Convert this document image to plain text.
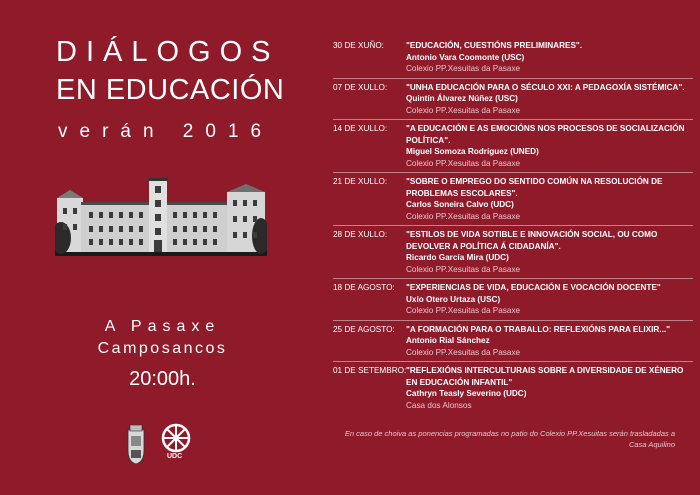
DIÁLOGOS
EN EDUCACIÓN
verán 2016
A Pasaxe
Camposancos
20:00h.
UDC
30 DE XUÑO:	"EDUCACIÓN, CUESTIÓNS PRELIMINARES".
Antonio Vara Coomonte (USC)
Colexio PP.Xesuitas da Pasaxe
07 DE XULLO:	"UNHA EDUCACIÓN PARA O SÉCULO XXI: A PEDAGOXÍA SISTÉMICA".
Quintín Álvarez Núñez (USC)
Colexio PP.Xesuitas da Pasaxe
14 DE XULLO:	"A EDUCACIÓN E AS EMOCIÓNS NOS PROCESOS DE SOCIALIZACIÓN POLÍTICA".
Miguel Somoza Rodríguez (UNED)
Colexio PP.Xesuitas da Pasaxe
21 DE XULLO:	"SOBRE O EMPREGO DO SENTIDO COMÚN NA RESOLUCIÓN DE PROBLEMAS ESCOLARES".
Carlos Soneira Calvo (UDC)
Colexio PP.Xesuitas da Pasaxe
28 DE XULLO:	"ESTILOS DE VIDA SOTIBLE E INNOVACIÓN SOCIAL, OU COMO DEVOLVER A POLÍTICA Á CIDADANÍA".
Ricardo García Mira (UDC)
Colexio PP.Xesuitas da Pasaxe
18 DE AGOSTO:	"EXPERIENCIAS DE VIDA, EDUCACIÓN E VOCACIÓN DOCENTE"
Uxío Otero Urtaza (USC)
Colexio PP.Xesuitas da Pasaxe
25 DE AGOSTO:	"A FORMACIÓN PARA O TRABALLO: REFLEXIÓNS PARA ELIXIR..."
Antonio Rial Sánchez
Colexio PP.Xesuitas da Pasaxe
01 DE SETEMBRO: "REFLEXIÓNS INTERCULTURAIS SOBRE A DIVERSIDADE DE XÉNERO EN EDUCACIÓN INFANTIL"
Cathryn Teasly Severino (UDC)
Casa dos Alonsos
En caso de choiva as ponencias programadas no patio do Colexio PP.Xesuitas serán trasladadas a Casa Aquilino
